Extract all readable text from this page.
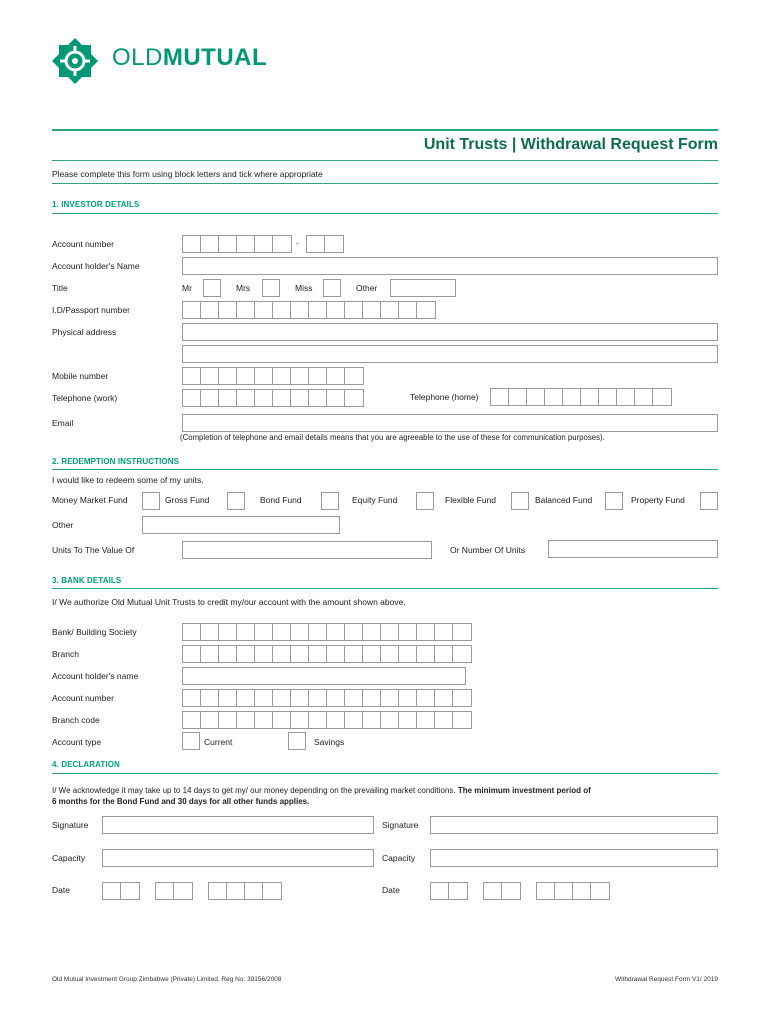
OLDMUTUAL
Unit Trusts | Withdrawal Request Form
Please complete this form using block letters and tick where appropriate
1. INVESTOR DETAILS
Account number	-
Account holder's Name
Title	Mr	Mrs	Miss	Other
I.D/Passport number
Physical address
Mobile number
Telephone (work)	Telephone (home)
Email
(Completion of telephone and email details means that you are agreeable to the use of these for communication purposes).
2. REDEMPTION INSTRUCTIONS
I would like to redeem some of my units.
Money Market Fund	Gross Fund	Bond Fund	Equity Fund	Flexible Fund	Balanced Fund	Property Fund
Other
Units To The Value Of	Or Number Of Units
3. BANK DETAILS
I/ We authorize Old Mutual Unit Trusts to credit my/our account with the amount shown above.
Bank/ Building Society
Branch
Account holder's name
Account number
Branch code
Account type	Current	Savings
4. DECLARATION
I/ We acknowledge it may take up to 14 days to get my/ our money depending on the prevailing market conditions. The minimum investment period of
6 months for the Bond Fund and 30 days for all other funds applies.
Signature	Signature
Capacity	Capacity
Date	Date
Old Mutual Investment Group Zimbabwe (Private) Limited. Reg No: 39156/2008	Withdrawal Request Form V1/ 2019
